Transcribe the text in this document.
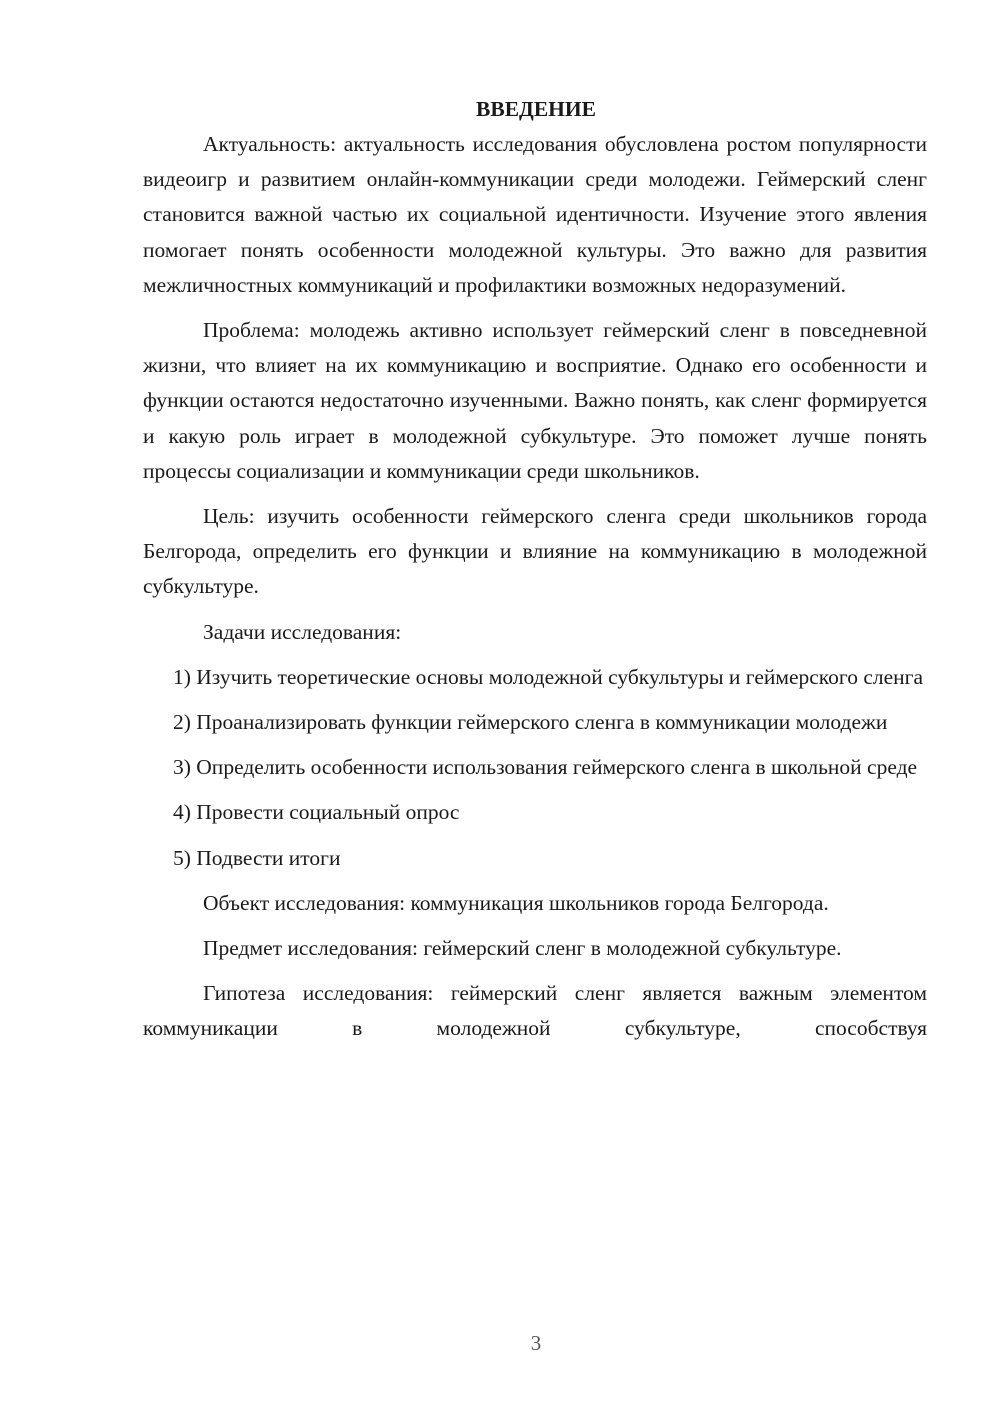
ВВЕДЕНИЕ

Актуальность: актуальность исследования обусловлена ростом популярности видеоигр и развитием онлайн-коммуникации среди молодежи. Геймерский сленг становится важной частью их социальной идентичности. Изучение этого явления помогает понять особенности молодежной культуры. Это важно для развития межличностных коммуникаций и профилактики возможных недоразумений.

Проблема: молодежь активно использует геймерский сленг в повседневной жизни, что влияет на их коммуникацию и восприятие. Однако его особенности и функции остаются недостаточно изученными. Важно понять, как сленг формируется и какую роль играет в молодежной субкультуре. Это поможет лучше понять процессы социализации и коммуникации среди школьников.

Цель: изучить особенности геймерского сленга среди школьников города Белгорода, определить его функции и влияние на коммуникацию в молодежной субкультуре.

Задачи исследования:

1) Изучить теоретические основы молодежной субкультуры и геймерского сленга

2) Проанализировать функции геймерского сленга в коммуникации молодежи

3) Определить особенности использования геймерского сленга в школьной среде

4) Провести социальный опрос

5) Подвести итоги

Объект исследования: коммуникация школьников города Белгорода.

Предмет исследования: геймерский сленг в молодежной субкультуре.

Гипотеза исследования: геймерский сленг является важным элементом коммуникации в молодежной субкультуре, способствуя

3
